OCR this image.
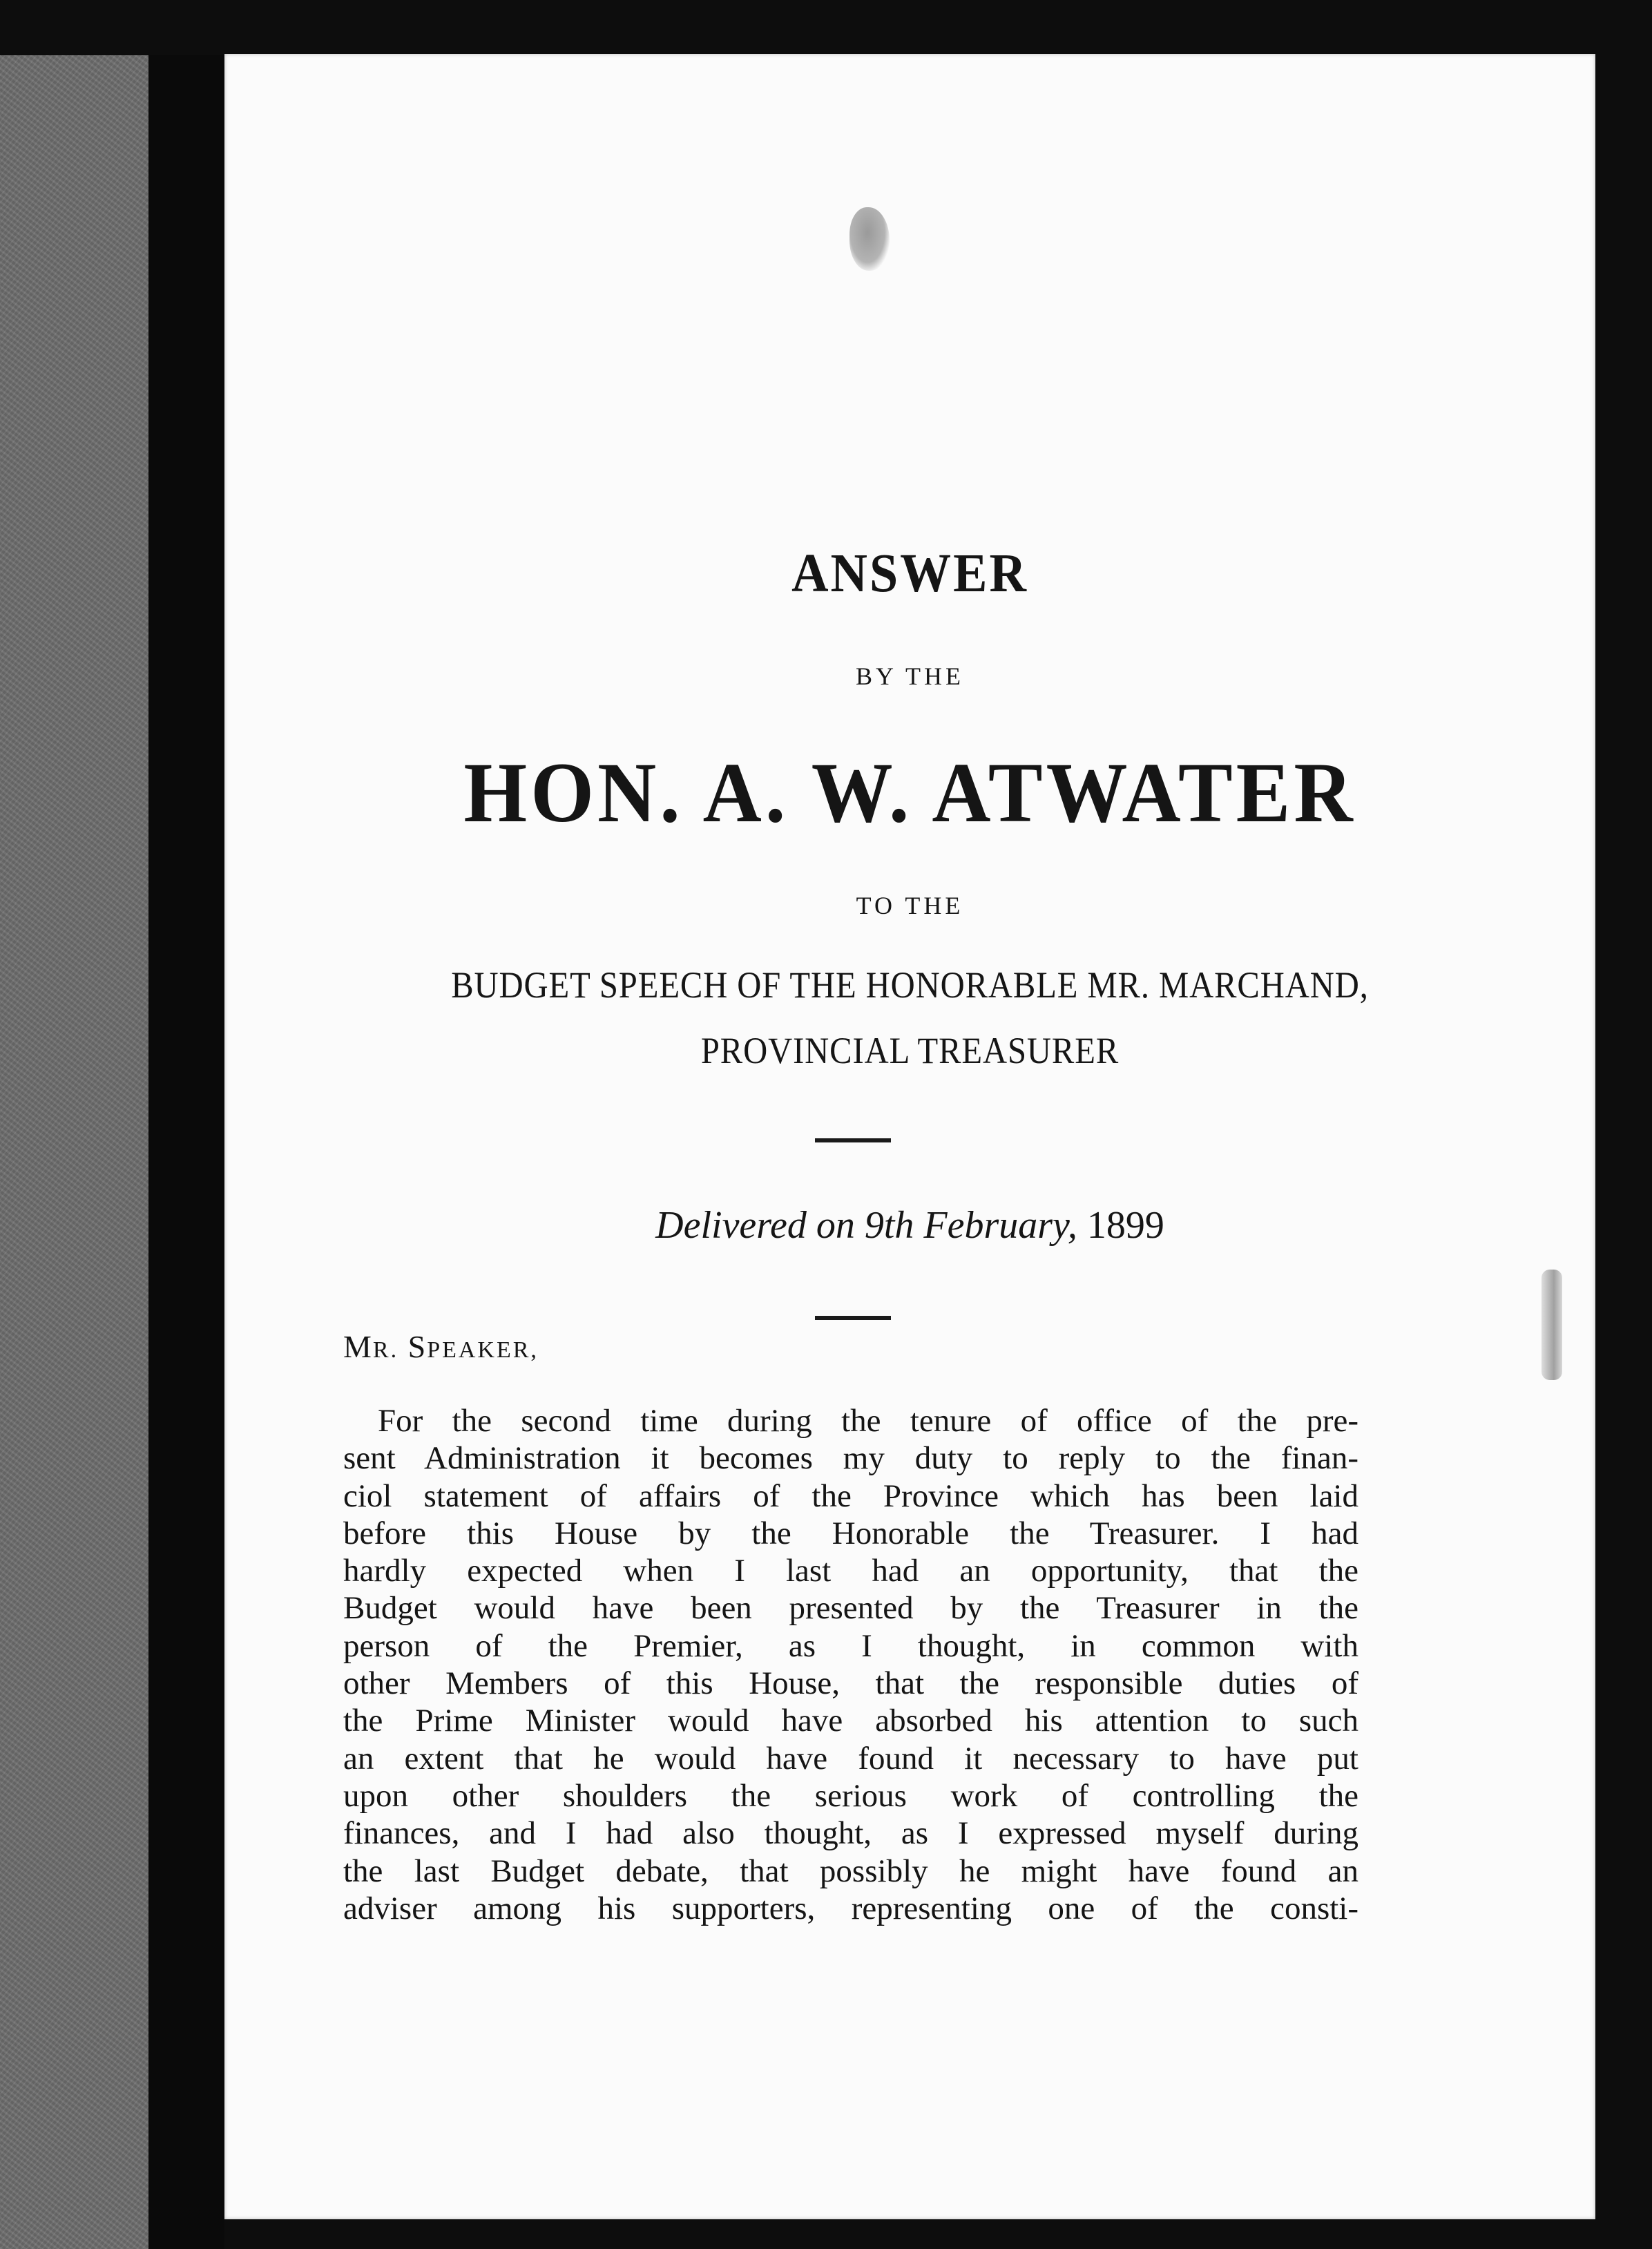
ANSWER
BY THE
HON. A. W. ATWATER
TO THE
BUDGET SPEECH OF THE HONORABLE MR. MARCHAND,
PROVINCIAL TREASURER
Delivered on 9th February, 1899
MR. SPEAKER,
For the second time during the tenure of office of the pre-
sent Administration it becomes my duty to reply to the finan-
ciol statement of affairs of the Province which has been laid
before this House by the Honorable the Treasurer. I had
hardly expected when I last had an opportunity, that the
Budget would have been presented by the Treasurer in the
person of the Premier, as I thought, in common with
other Members of this House, that the responsible duties of
the Prime Minister would have absorbed his attention to such
an extent that he would have found it necessary to have put
upon other shoulders the serious work of controlling the
finances, and I had also thought, as I expressed myself during
the last Budget debate, that possibly he might have found an
adviser among his supporters, representing one of the consti-
